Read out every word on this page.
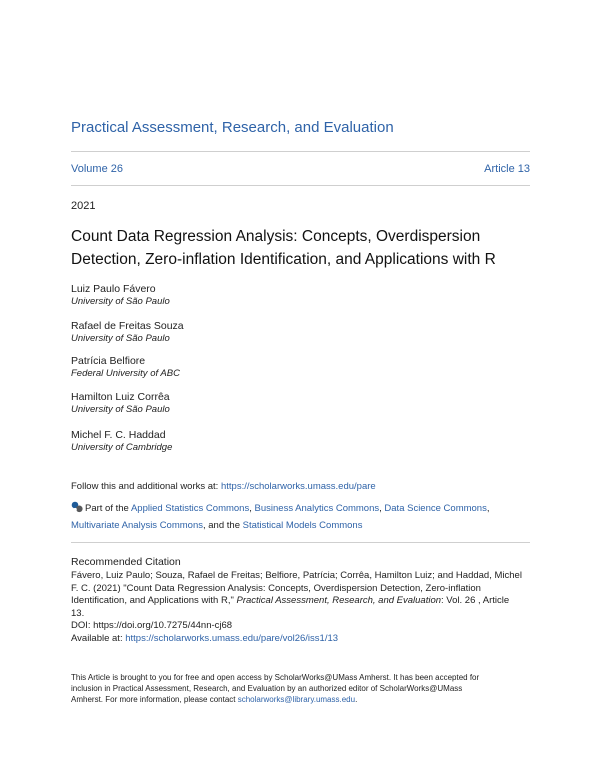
Practical Assessment, Research, and Evaluation
Volume 26	Article 13
2021
Count Data Regression Analysis: Concepts, Overdispersion
Detection, Zero-inflation Identification, and Applications with R
Luiz Paulo Fávero
University of São Paulo
Rafael de Freitas Souza
University of São Paulo
Patrícia Belfiore
Federal University of ABC
Hamilton Luiz Corrêa
University of São Paulo
Michel F. C. Haddad
University of Cambridge
Follow this and additional works at: https://scholarworks.umass.edu/pare
Part of the Applied Statistics Commons, Business Analytics Commons, Data Science Commons,
Multivariate Analysis Commons, and the Statistical Models Commons
Recommended Citation
Fávero, Luiz Paulo; Souza, Rafael de Freitas; Belfiore, Patrícia; Corrêa, Hamilton Luiz; and Haddad, Michel
F. C. (2021) "Count Data Regression Analysis: Concepts, Overdispersion Detection, Zero-inflation
Identification, and Applications with R," Practical Assessment, Research, and Evaluation: Vol. 26 , Article
13.
DOI: https://doi.org/10.7275/44nn-cj68
Available at: https://scholarworks.umass.edu/pare/vol26/iss1/13
This Article is brought to you for free and open access by ScholarWorks@UMass Amherst. It has been accepted for
inclusion in Practical Assessment, Research, and Evaluation by an authorized editor of ScholarWorks@UMass
Amherst. For more information, please contact scholarworks@library.umass.edu.
